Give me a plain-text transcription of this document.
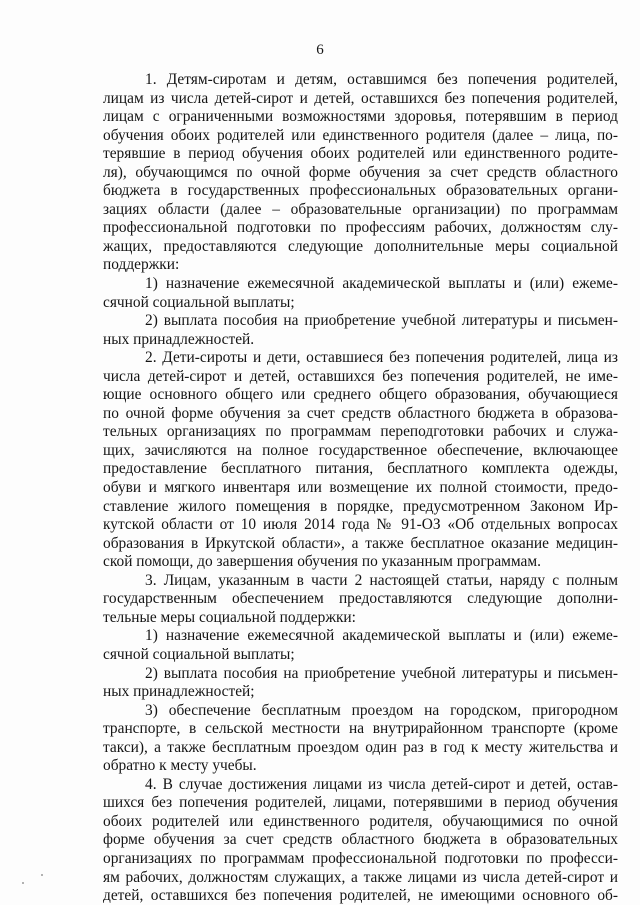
6

1. Детям-сиротам и детям, оставшимся без попечения родителей,
лицам из числа детей-сирот и детей, оставшихся без попечения родителей,
лицам с ограниченными возможностями здоровья, потерявшим в период
обучения обоих родителей или единственного родителя (далее – лица, по-
терявшие в период обучения обоих родителей или единственного родите-
ля), обучающимся по очной форме обучения за счет средств областного
бюджета в государственных профессиональных образовательных органи-
зациях области (далее – образовательные организации) по программам
профессиональной подготовки по профессиям рабочих, должностям слу-
жащих, предоставляются следующие дополнительные меры социальной
поддержки:
1) назначение ежемесячной академической выплаты и (или) ежеме-
сячной социальной выплаты;
2) выплата пособия на приобретение учебной литературы и письмен-
ных принадлежностей.
2. Дети-сироты и дети, оставшиеся без попечения родителей, лица из
числа детей-сирот и детей, оставшихся без попечения родителей, не име-
ющие основного общего или среднего общего образования, обучающиеся
по очной форме обучения за счет средств областного бюджета в образова-
тельных организациях по программам переподготовки рабочих и служа-
щих, зачисляются на полное государственное обеспечение, включающее
предоставление бесплатного питания, бесплатного комплекта одежды,
обуви и мягкого инвентаря или возмещение их полной стоимости, предо-
ставление жилого помещения в порядке, предусмотренном Законом Ир-
кутской области от 10 июля 2014 года № 91-ОЗ «Об отдельных вопросах
образования в Иркутской области», а также бесплатное оказание медицин-
ской помощи, до завершения обучения по указанным программам.
3. Лицам, указанным в части 2 настоящей статьи, наряду с полным
государственным обеспечением предоставляются следующие дополни-
тельные меры социальной поддержки:
1) назначение ежемесячной академической выплаты и (или) ежеме-
сячной социальной выплаты;
2) выплата пособия на приобретение учебной литературы и письмен-
ных принадлежностей;
3) обеспечение бесплатным проездом на городском, пригородном
транспорте, в сельской местности на внутрирайонном транспорте (кроме
такси), а также бесплатным проездом один раз в год к месту жительства и
обратно к месту учебы.
4. В случае достижения лицами из числа детей-сирот и детей, остав-
шихся без попечения родителей, лицами, потерявшими в период обучения
обоих родителей или единственного родителя, обучающимися по очной
форме обучения за счет средств областного бюджета в образовательных
организациях по программам профессиональной подготовки по професси-
ям рабочих, должностям служащих, а также лицами из числа детей-сирот и
детей, оставшихся без попечения родителей, не имеющими основного об-
